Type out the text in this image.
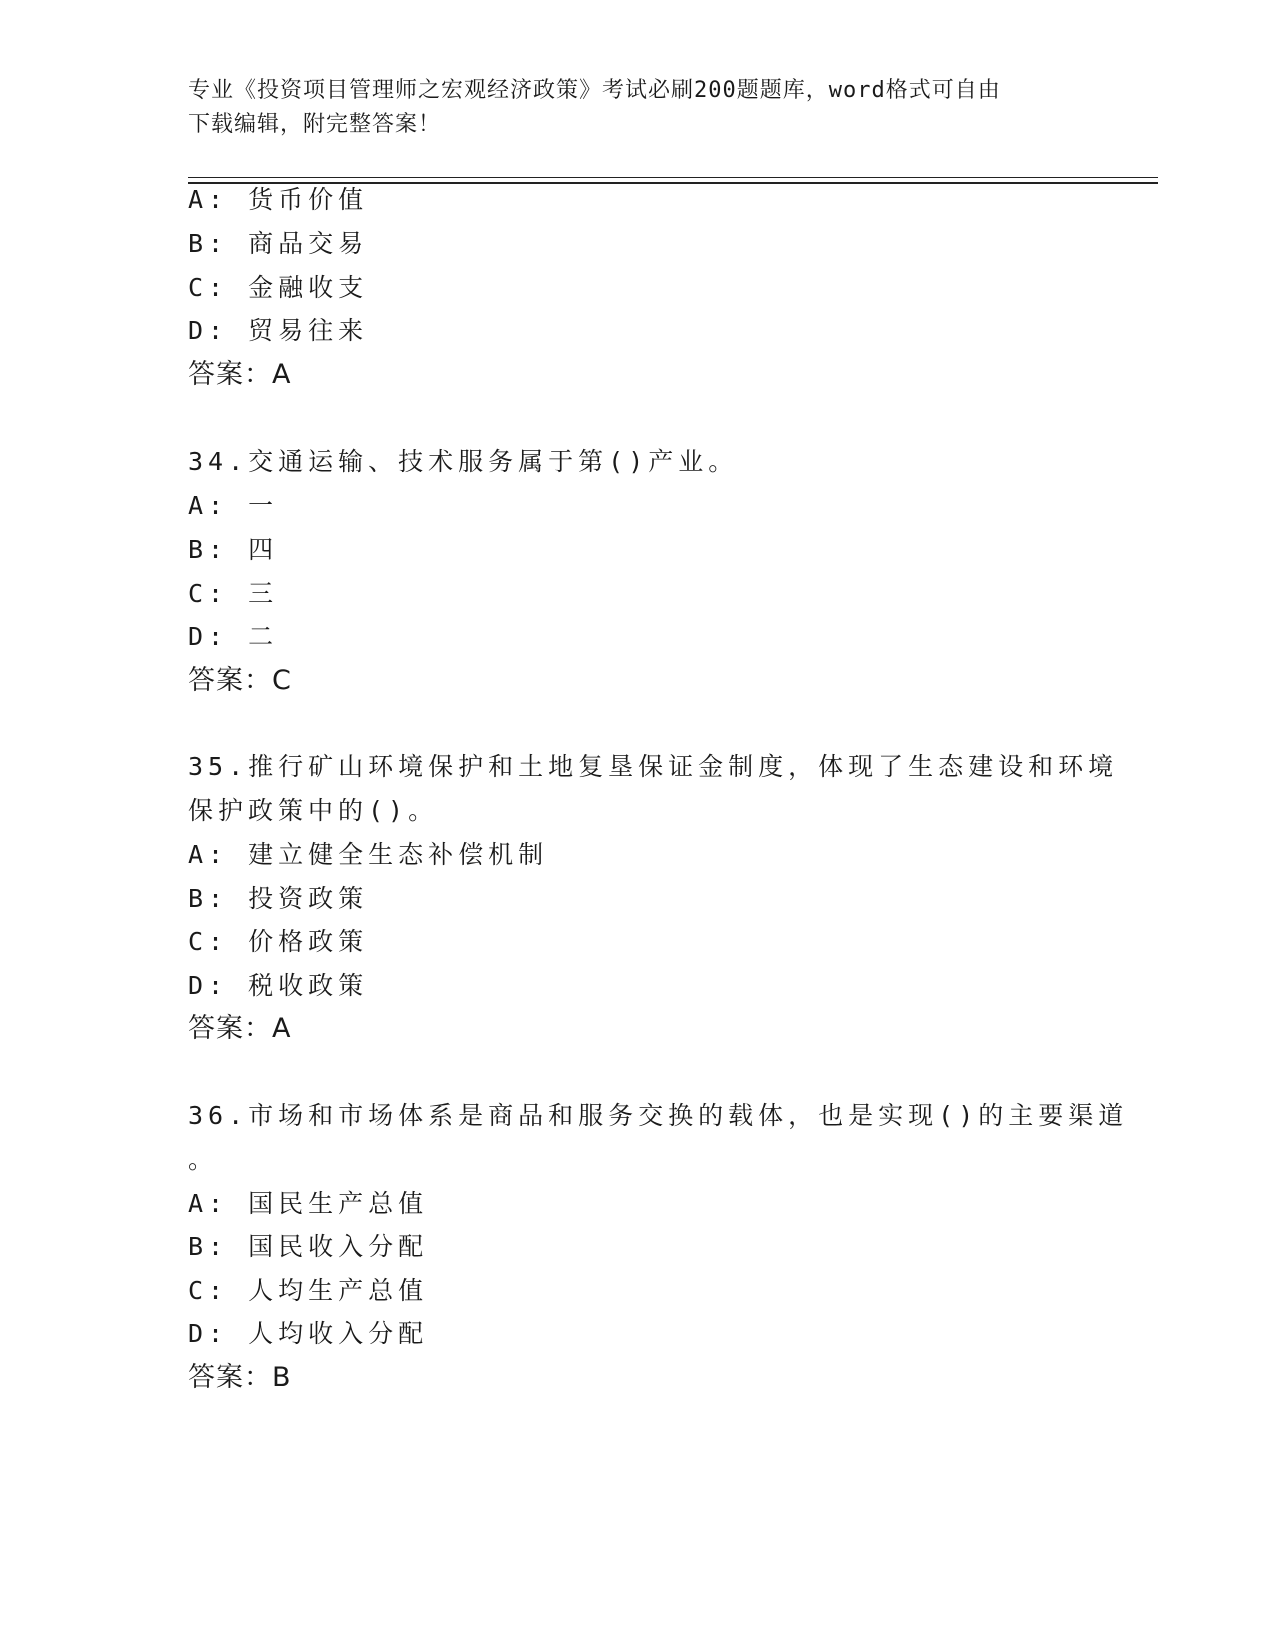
专业《投资项目管理师之宏观经济政策》考试必刷200题题库，word格式可自由
下载编辑，附完整答案！
A: 货币价值
B: 商品交易
C: 金融收支
D: 贸易往来
答案：A
34.交通运输、技术服务属于第()产业。
A: 一
B: 四
C: 三
D: 二
答案：C
35.推行矿山环境保护和土地复垦保证金制度，体现了生态建设和环境
保护政策中的()。
A: 建立健全生态补偿机制
B: 投资政策
C: 价格政策
D: 税收政策
答案：A
36.市场和市场体系是商品和服务交换的载体，也是实现()的主要渠道
。
A: 国民生产总值
B: 国民收入分配
C: 人均生产总值
D: 人均收入分配
答案：B
